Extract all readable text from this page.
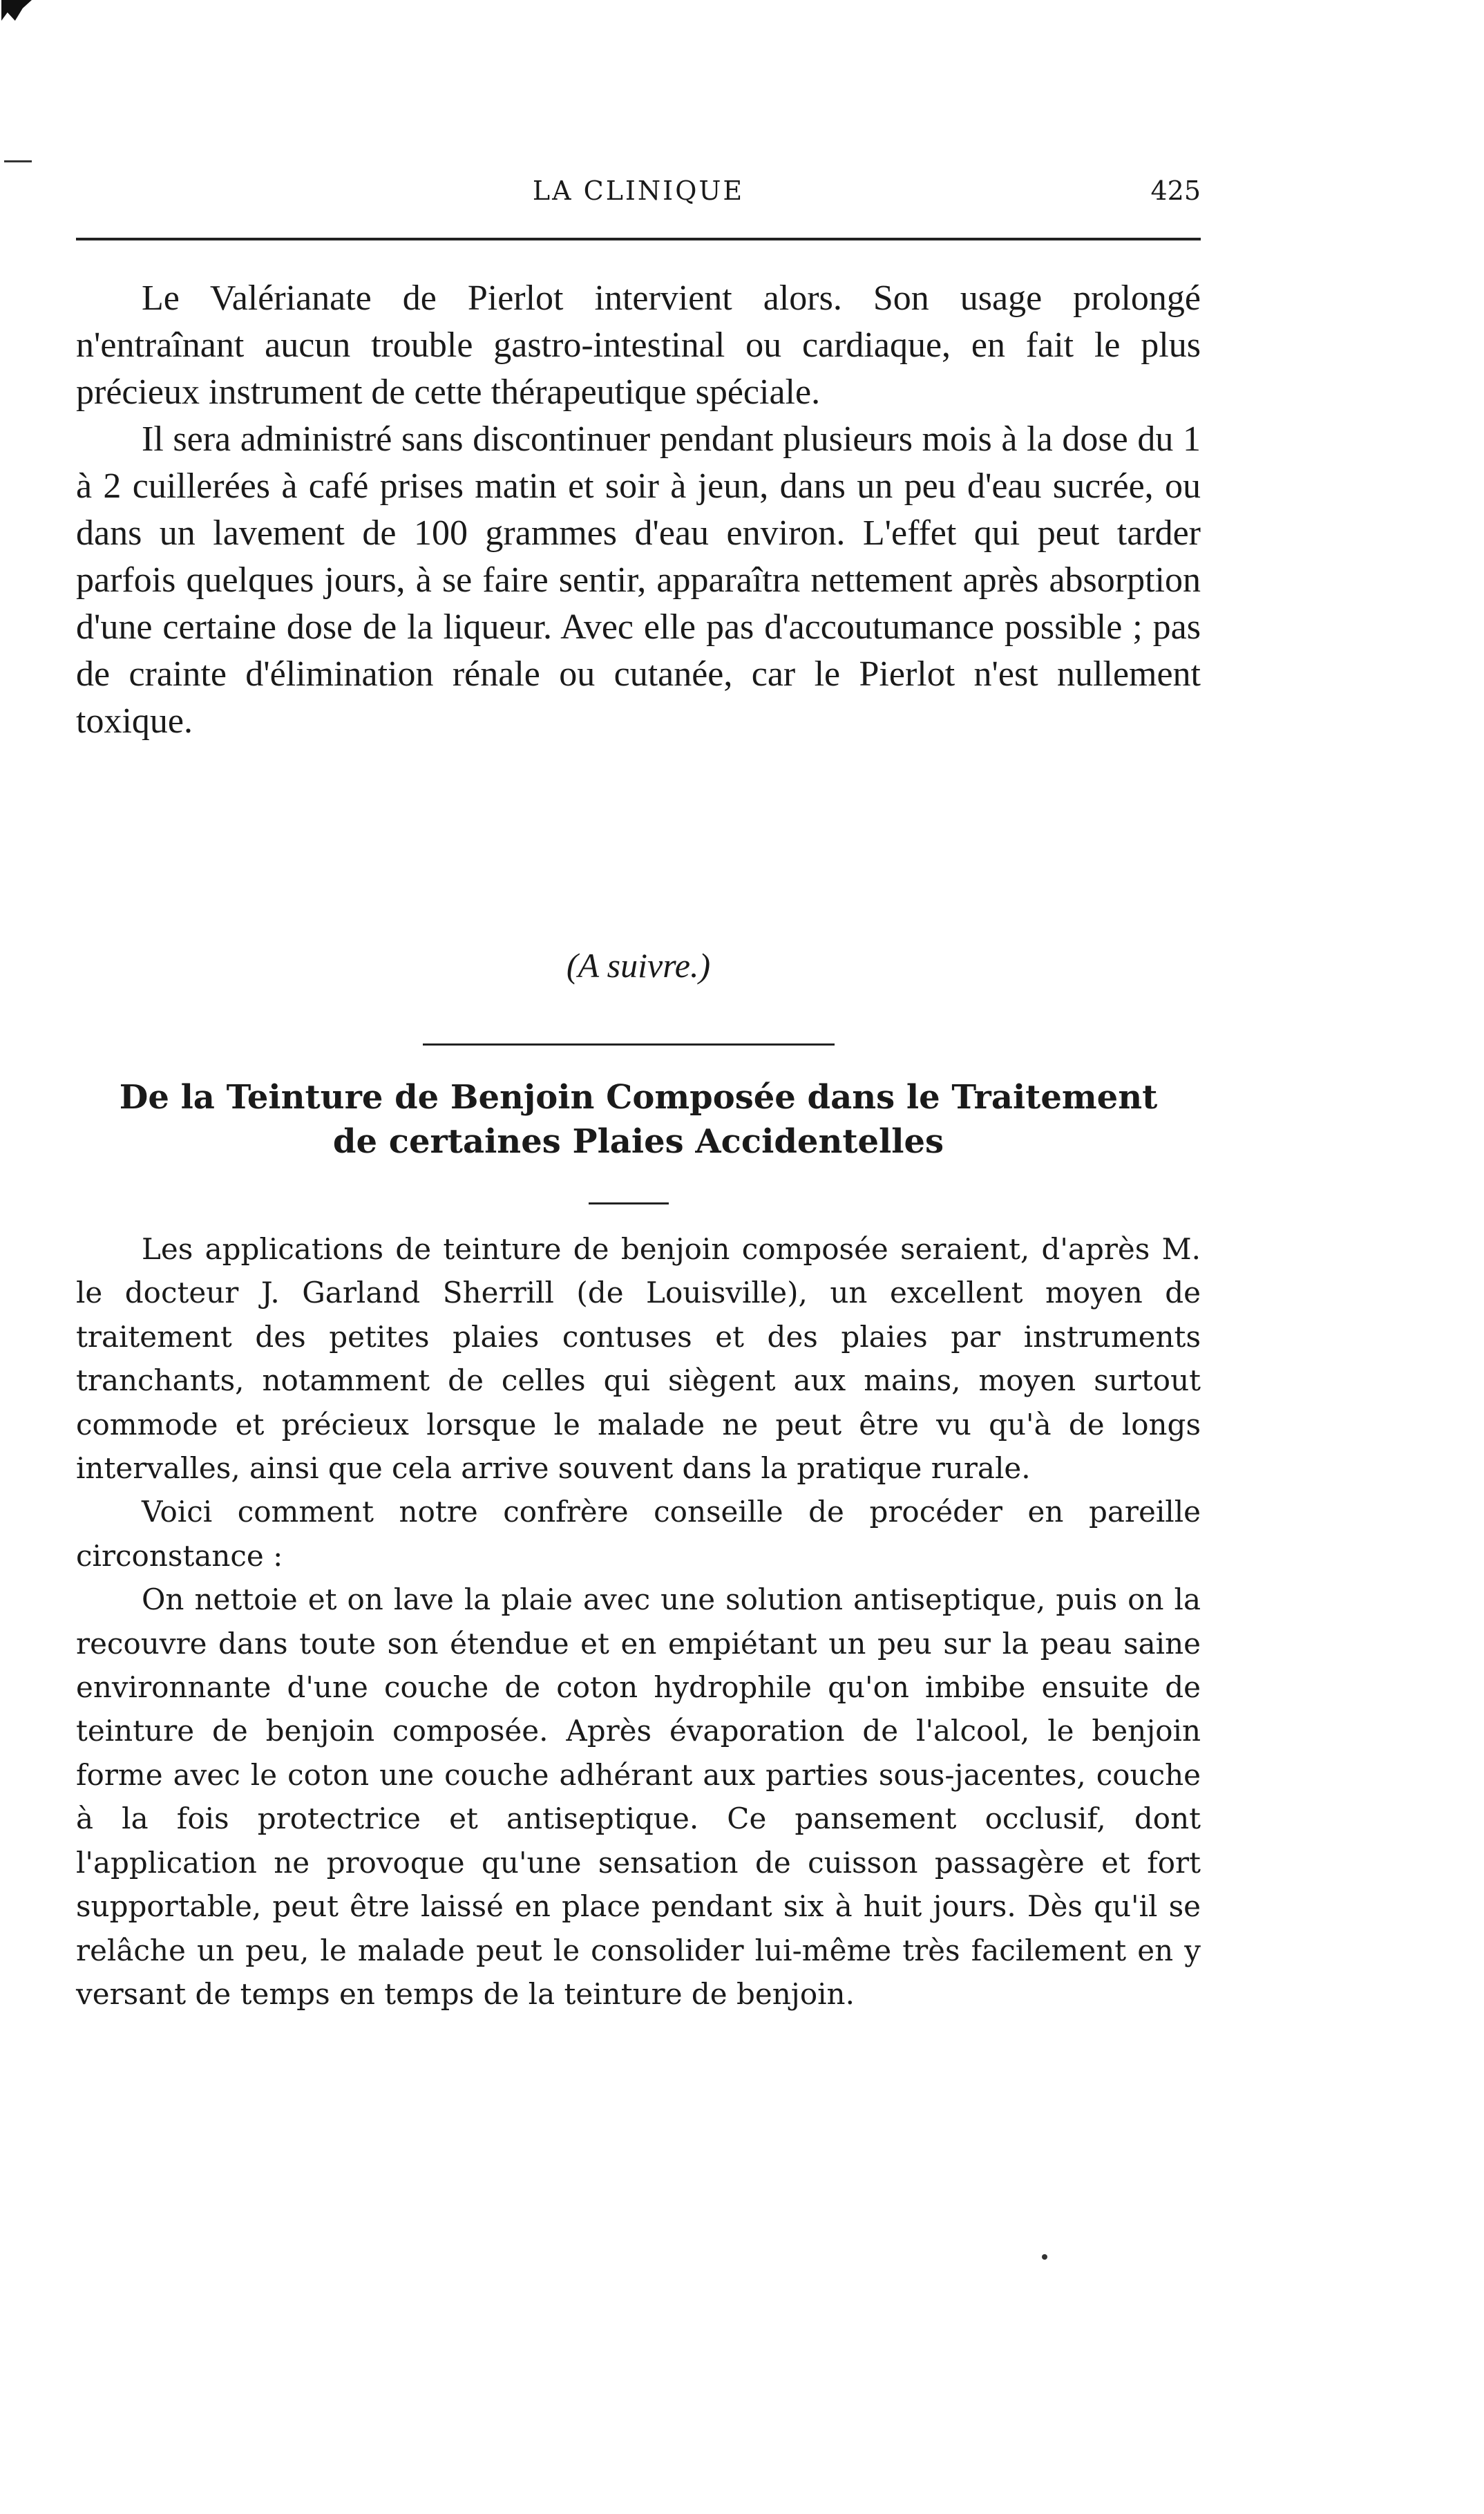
LA CLINIQUE	425

Le Valérianate de Pierlot intervient alors. Son usage prolongé n'entraînant aucun trouble gastro-intestinal ou cardiaque, en fait le plus précieux instrument de cette thérapeutique spéciale.

Il sera administré sans discontinuer pendant plusieurs mois à la dose du 1 à 2 cuillerées à café prises matin et soir à jeun, dans un peu d'eau sucrée, ou dans un lavement de 100 grammes d'eau environ. L'effet qui peut tarder parfois quelques jours, à se faire sentir, apparaîtra nettement après absorption d'une certaine dose de la liqueur. Avec elle pas d'accoutumance possible ; pas de crainte d'élimination rénale ou cutanée, car le Pierlot n'est nullement toxique.

(A suivre.)
De la Teinture de Benjoin Composée dans le Traitement
de certaines Plaies Accidentelles

Les applications de teinture de benjoin composée seraient, d'après M. le docteur J. Garland Sherrill (de Louisville), un excellent moyen de traitement des petites plaies contuses et des plaies par instruments tranchants, notamment de celles qui siègent aux mains, moyen surtout commode et précieux lorsque le malade ne peut être vu qu'à de longs intervalles, ainsi que cela arrive souvent dans la pratique rurale.

Voici comment notre confrère conseille de procéder en pareille circonstance :

On nettoie et on lave la plaie avec une solution antiseptique, puis on la recouvre dans toute son étendue et en empiétant un peu sur la peau saine environnante d'une couche de coton hydrophile qu'on imbibe ensuite de teinture de benjoin composée. Après évaporation de l'alcool, le benjoin forme avec le coton une couche adhérant aux parties sous-jacentes, couche à la fois protectrice et antiseptique. Ce pansement occlusif, dont l'application ne provoque qu'une sensation de cuisson passagère et fort supportable, peut être laissé en place pendant six à huit jours. Dès qu'il se relâche un peu, le malade peut le consolider lui-même très facilement en y versant de temps en temps de la teinture de benjoin.
